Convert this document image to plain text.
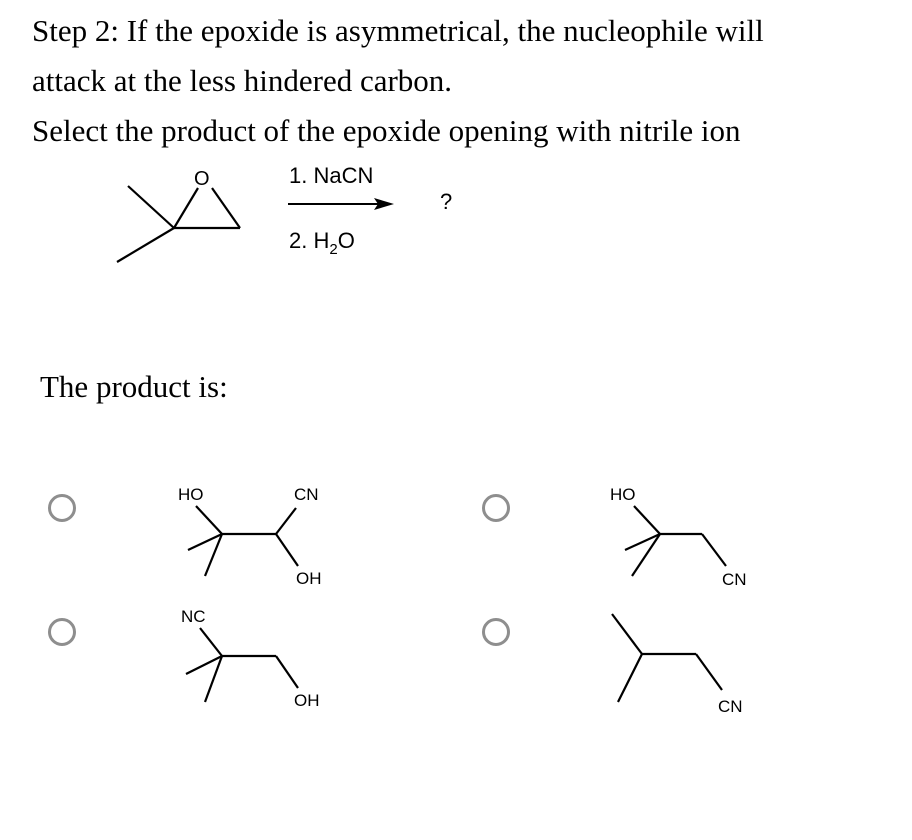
Step 2: If the epoxide is asymmetrical, the nucleophile will
attack at the less hindered carbon.
Select the product of the epoxide opening with nitrile ion
O	1. NaCN
2. $H_2O$
?
HO	CN
OH
HO
CN
NC
OH	CN
The product is:
